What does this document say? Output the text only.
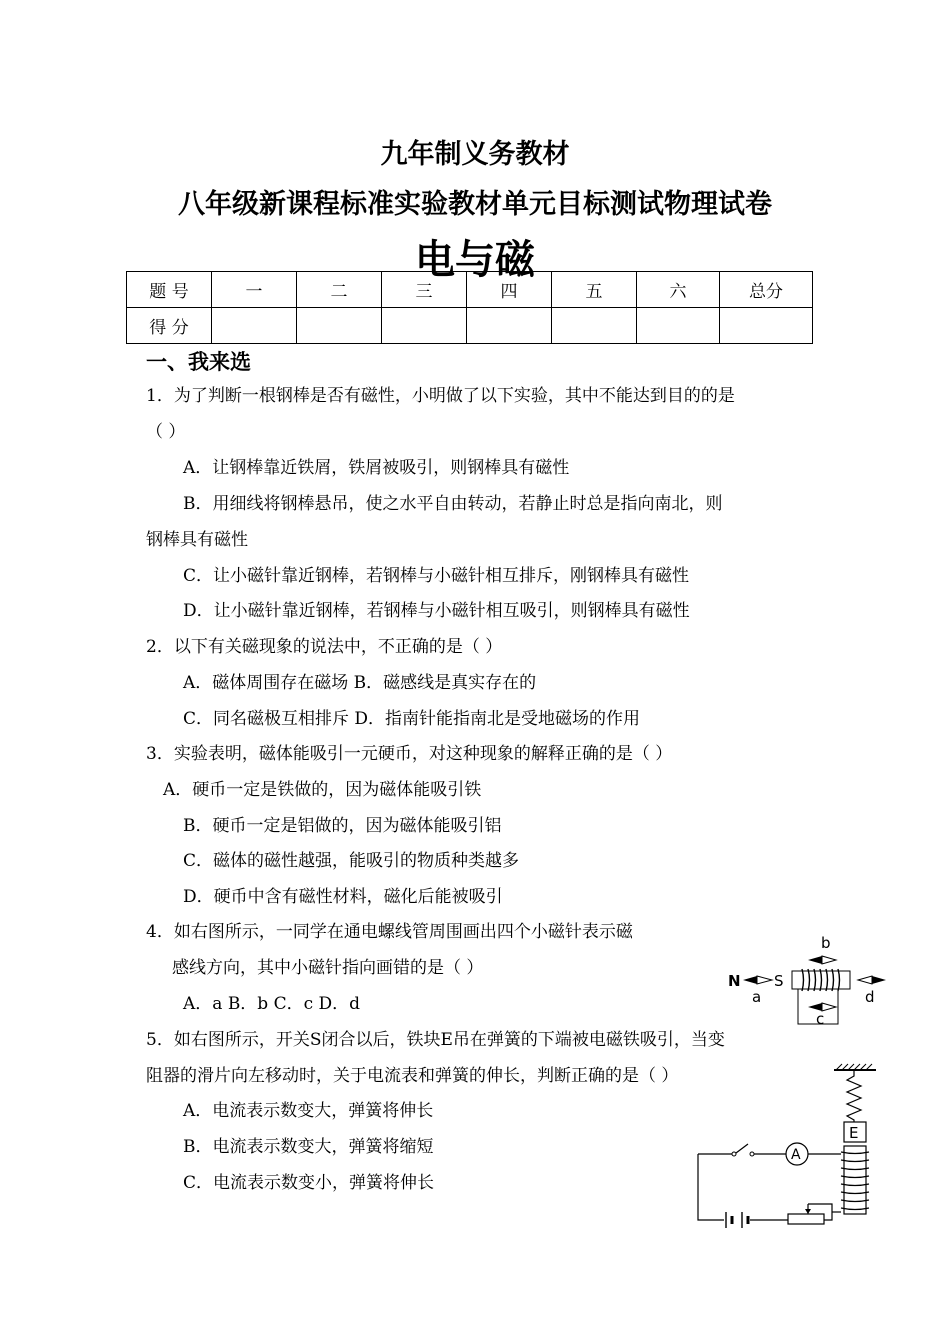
九年制义务教材
八年级新课程标准实验教材单元目标测试物理试卷
电与磁
题 号	一	二	三	四	五	六	总分
得 分							
一、我来选
1．为了判断一根钢棒是否有磁性，小明做了以下实验，其中不能达到目的的是
（ ）
A．让钢棒靠近铁屑，铁屑被吸引，则钢棒具有磁性
B．用细线将钢棒悬吊，使之水平自由转动，若静止时总是指向南北，则
钢棒具有磁性
C．让小磁针靠近钢棒，若钢棒与小磁针相互排斥，刚钢棒具有磁性
D．让小磁针靠近钢棒，若钢棒与小磁针相互吸引，则钢棒具有磁性
2．以下有关磁现象的说法中，不正确的是（ ）
A．磁体周围存在磁场 B．磁感线是真实存在的
C．同名磁极互相排斥 D．指南针能指南北是受地磁场的作用
3．实验表明，磁体能吸引一元硬币，对这种现象的解释正确的是（ ）
A．硬币一定是铁做的，因为磁体能吸引铁
B．硬币一定是铝做的，因为磁体能吸引铝
C．磁体的磁性越强，能吸引的物质种类越多
D．硬币中含有磁性材料，磁化后能被吸引
4．如右图所示，一同学在通电螺线管周围画出四个小磁针表示磁
感线方向，其中小磁针指向画错的是（ ）
A．a B．b C．c D．d
b
N S
c
a	d
5．如右图所示，开关S闭合以后，铁块E吊在弹簧的下端被电磁铁吸引，当变
阻器的滑片向左移动时，关于电流表和弹簧的伸长，判断正确的是（ ）
A．电流表示数变大，弹簧将伸长
B．电流表示数变大，弹簧将缩短
C．电流表示数变小，弹簧将伸长
E
A
